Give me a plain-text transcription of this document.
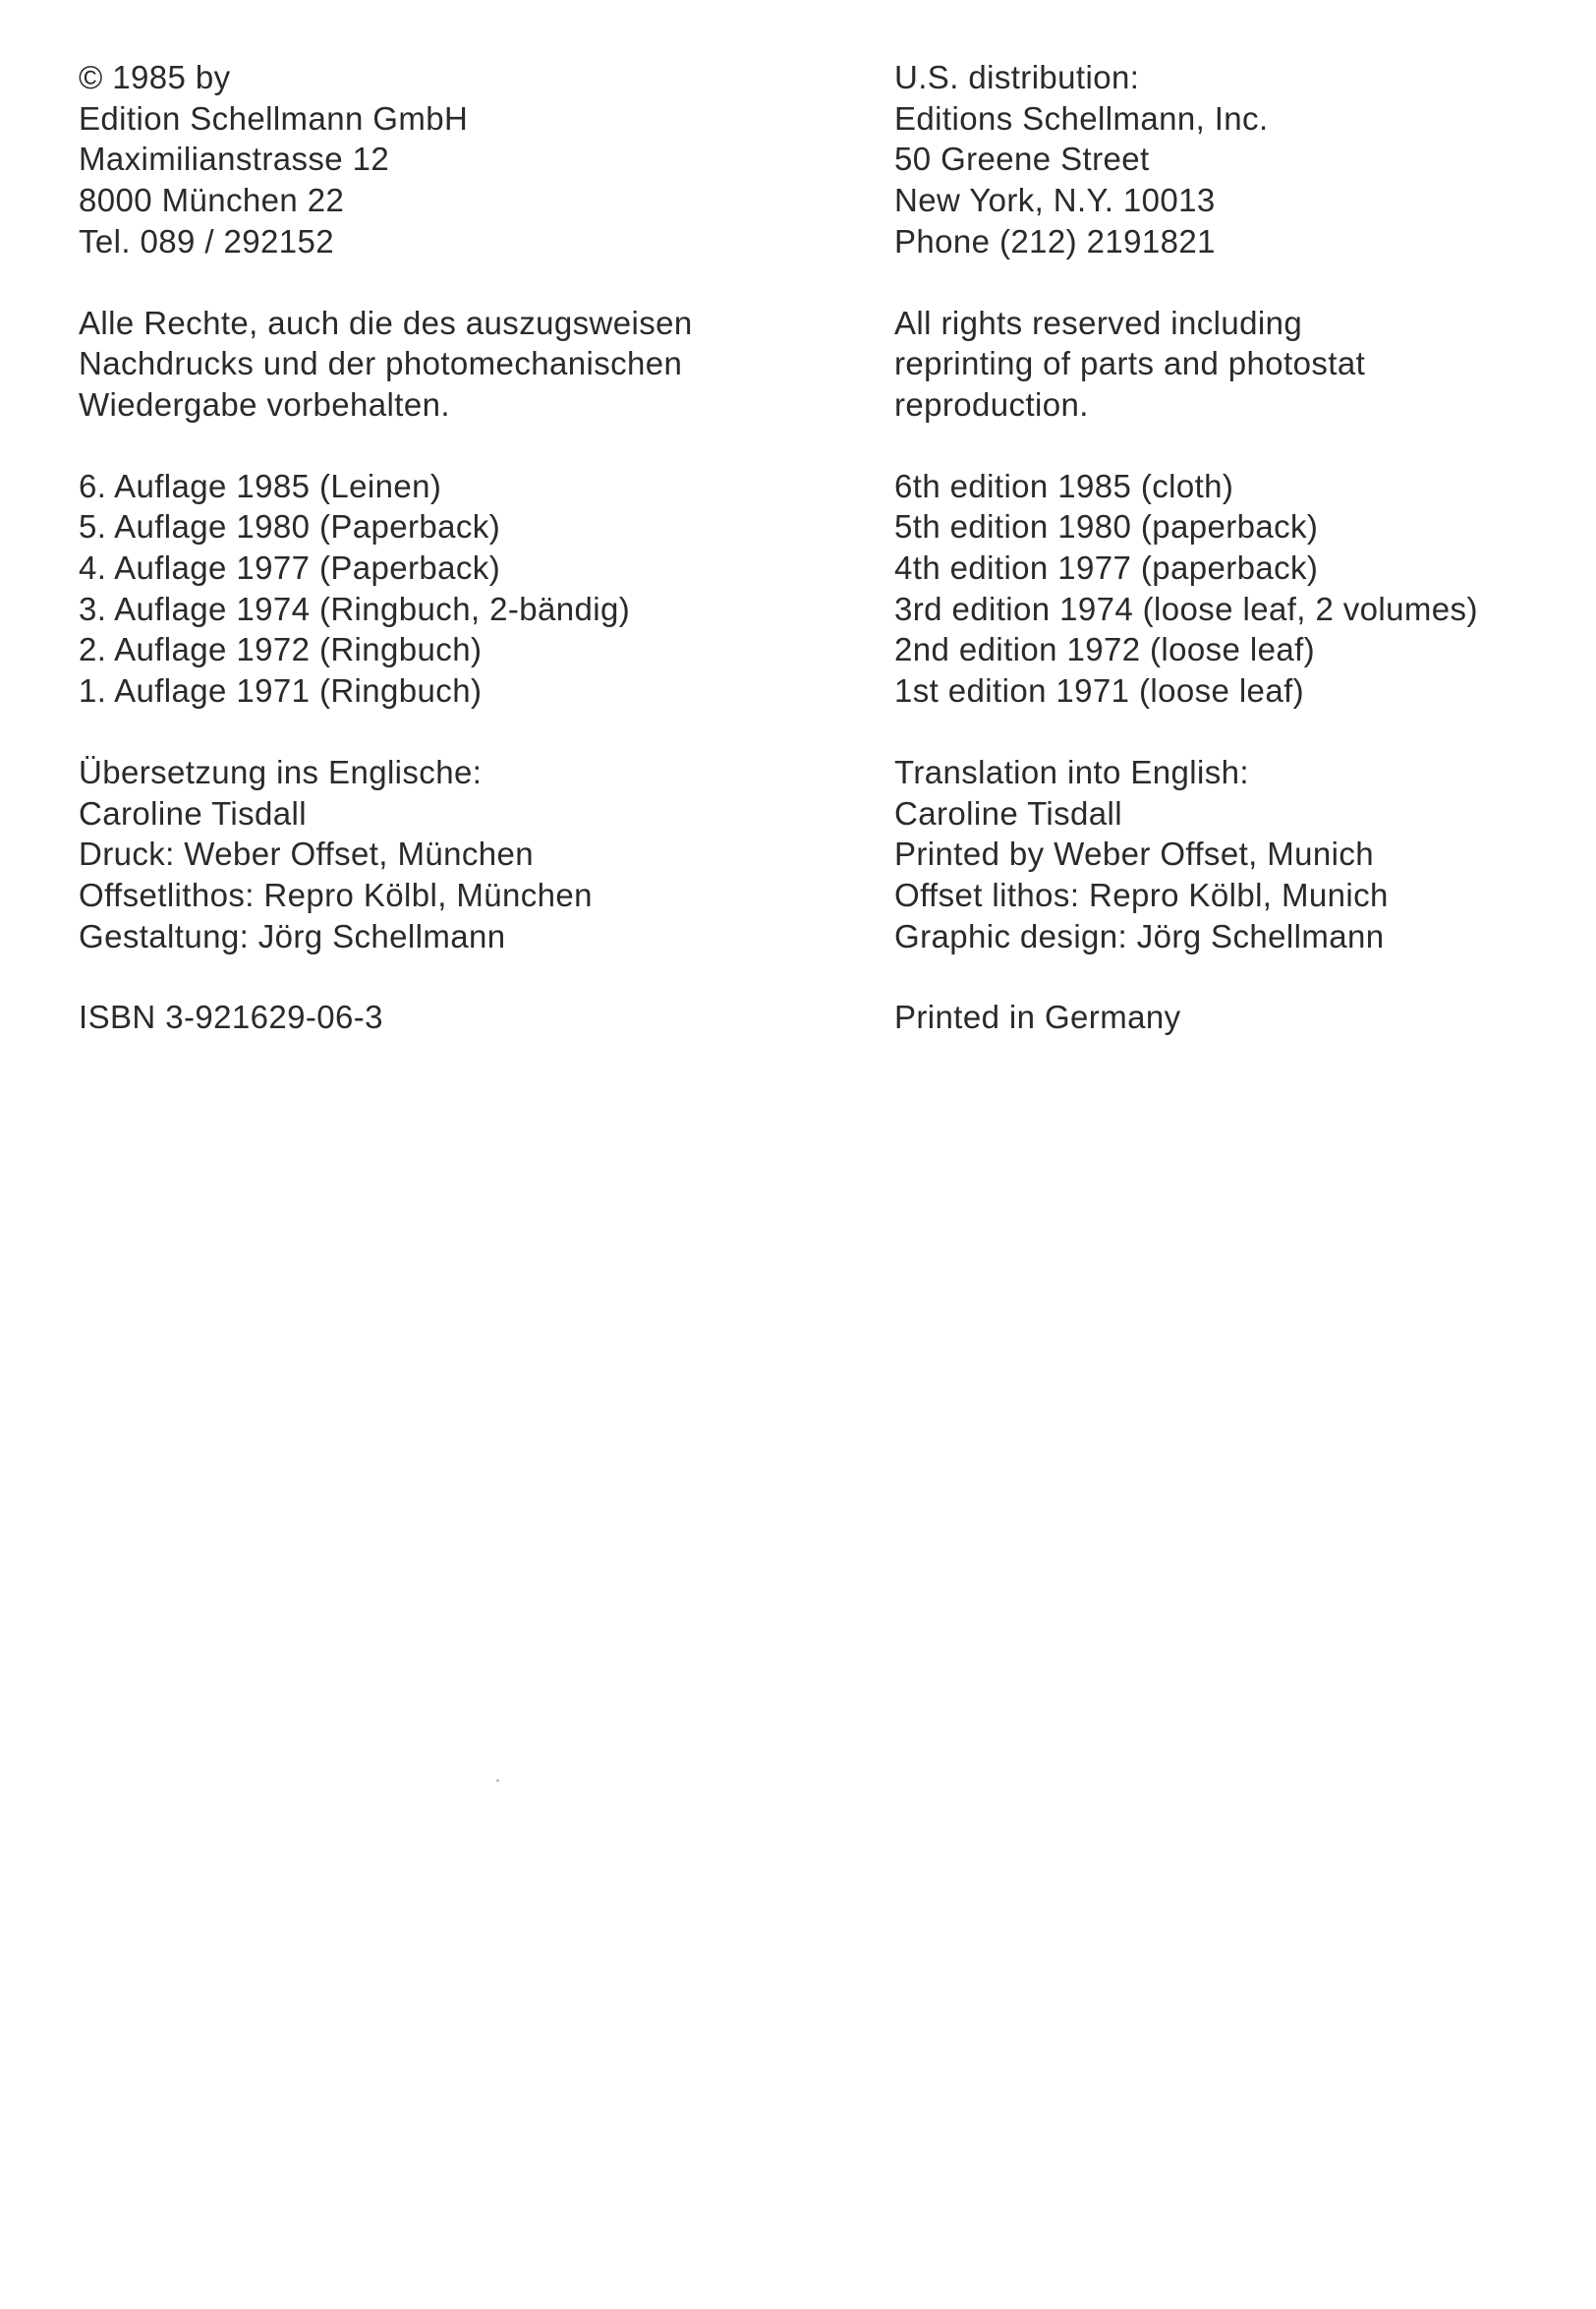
© 1985 by
Edition Schellmann GmbH
Maximilianstrasse 12
8000 München 22
Tel. 089 / 292152
Alle Rechte, auch die des auszugsweisen
Nachdrucks und der photomechanischen
Wiedergabe vorbehalten.
6. Auflage 1985 (Leinen)
5. Auflage 1980 (Paperback)
4. Auflage 1977 (Paperback)
3. Auflage 1974 (Ringbuch, 2-bändig)
2. Auflage 1972 (Ringbuch)
1. Auflage 1971 (Ringbuch)
Übersetzung ins Englische:
Caroline Tisdall
Druck: Weber Offset, München
Offsetlithos: Repro Kölbl, München
Gestaltung: Jörg Schellmann
ISBN 3-921629-06-3
U.S. distribution:
Editions Schellmann, Inc.
50 Greene Street
New York, N.Y. 10013
Phone (212) 2191821
All rights reserved including
reprinting of parts and photostat
reproduction.
6th edition 1985 (cloth)
5th edition 1980 (paperback)
4th edition 1977 (paperback)
3rd edition 1974 (loose leaf, 2 volumes)
2nd edition 1972 (loose leaf)
1st edition 1971 (loose leaf)
Translation into English:
Caroline Tisdall
Printed by Weber Offset, Munich
Offset lithos: Repro Kölbl, Munich
Graphic design: Jörg Schellmann
Printed in Germany
